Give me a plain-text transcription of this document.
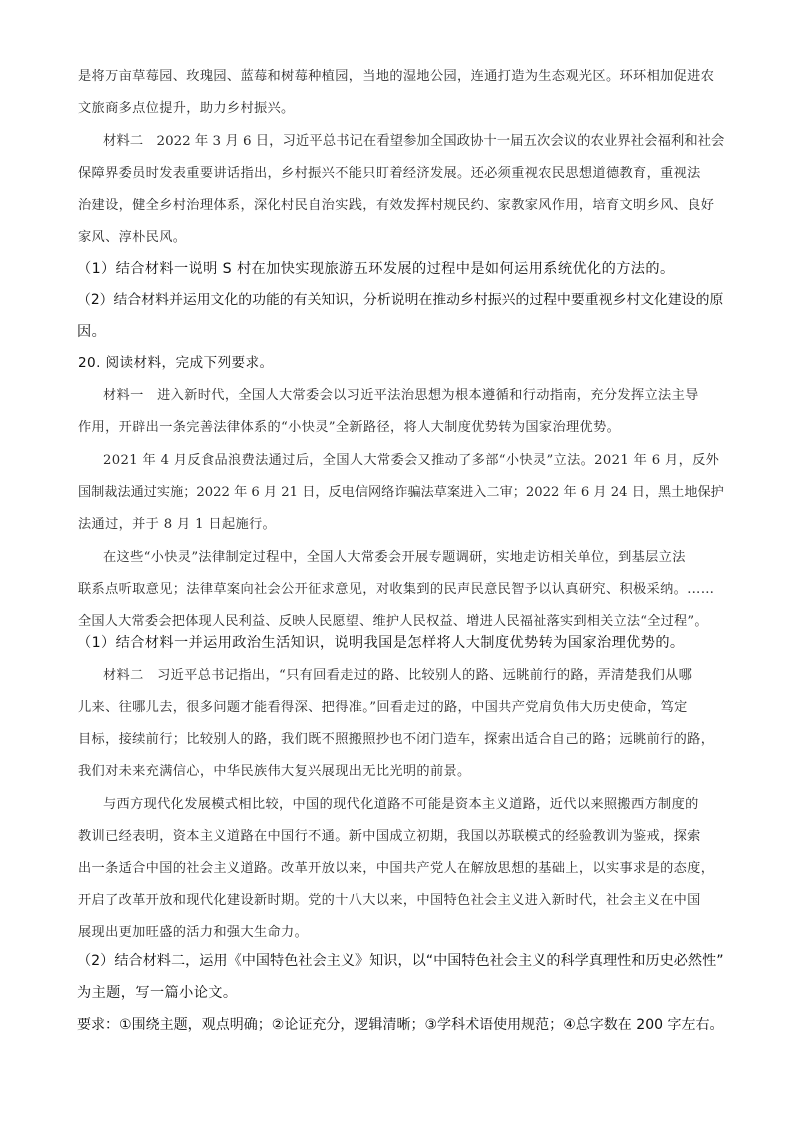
是将万亩草莓园、玫瑰园、蓝莓和树莓种植园，当地的湿地公园，连通打造为生态观光区。环环相加促进农

文旅商多点位提升，助力乡村振兴。

材料二　2022 年 3 月 6 日，习近平总书记在看望参加全国政协十一届五次会议的农业界社会福利和社会

保障界委员时发表重要讲话指出，乡村振兴不能只盯着经济发展。还必须重视农民思想道德教育，重视法

治建设，健全乡村治理体系，深化村民自治实践，有效发挥村规民约、家教家风作用，培育文明乡风、良好

家风、淳朴民风。

（1）结合材料一说明 S 村在加快实现旅游五环发展的过程中是如何运用系统优化的方法的。

（2）结合材料并运用文化的功能的有关知识，分析说明在推动乡村振兴的过程中要重视乡村文化建设的原

因。

20. 阅读材料，完成下列要求。

材料一　进入新时代，全国人大常委会以习近平法治思想为根本遵循和行动指南，充分发挥立法主导

作用，开辟出一条完善法律体系的“小快灵”全新路径，将人大制度优势转为国家治理优势。

2021 年 4 月反食品浪费法通过后，全国人大常委会又推动了多部“小快灵”立法。2021 年 6 月，反外

国制裁法通过实施；2022 年 6 月 21 日，反电信网络诈骗法草案进入二审；2022 年 6 月 24 日，黑土地保护

法通过，并于 8 月 1 日起施行。

在这些“小快灵”法律制定过程中，全国人大常委会开展专题调研，实地走访相关单位，到基层立法

联系点听取意见；法律草案向社会公开征求意见，对收集到的民声民意民智予以认真研究、积极采纳。……

全国人大常委会把体现人民利益、反映人民愿望、维护人民权益、增进人民福祉落实到相关立法“全过程”。

（1）结合材料一并运用政治生活知识，说明我国是怎样将人大制度优势转为国家治理优势的。

材料二　习近平总书记指出，“只有回看走过的路、比较别人的路、远眺前行的路，弄清楚我们从哪

儿来、往哪儿去，很多问题才能看得深、把得准。”回看走过的路，中国共产党肩负伟大历史使命，笃定

目标，接续前行；比较别人的路，我们既不照搬照抄也不闭门造车，探索出适合自己的路；远眺前行的路，

我们对未来充满信心，中华民族伟大复兴展现出无比光明的前景。

与西方现代化发展模式相比较，中国的现代化道路不可能是资本主义道路，近代以来照搬西方制度的

教训已经表明，资本主义道路在中国行不通。新中国成立初期，我国以苏联模式的经验教训为鉴戒，探索

出一条适合中国的社会主义道路。改革开放以来，中国共产党人在解放思想的基础上，以实事求是的态度，

开启了改革开放和现代化建设新时期。党的十八大以来，中国特色社会主义进入新时代，社会主义在中国

展现出更加旺盛的活力和强大生命力。

（2）结合材料二，运用《中国特色社会主义》知识，以“中国特色社会主义的科学真理性和历史必然性”

为主题，写一篇小论文。

要求：①围绕主题，观点明确；②论证充分，逻辑清晰；③学科术语使用规范；④总字数在 200 字左右。
